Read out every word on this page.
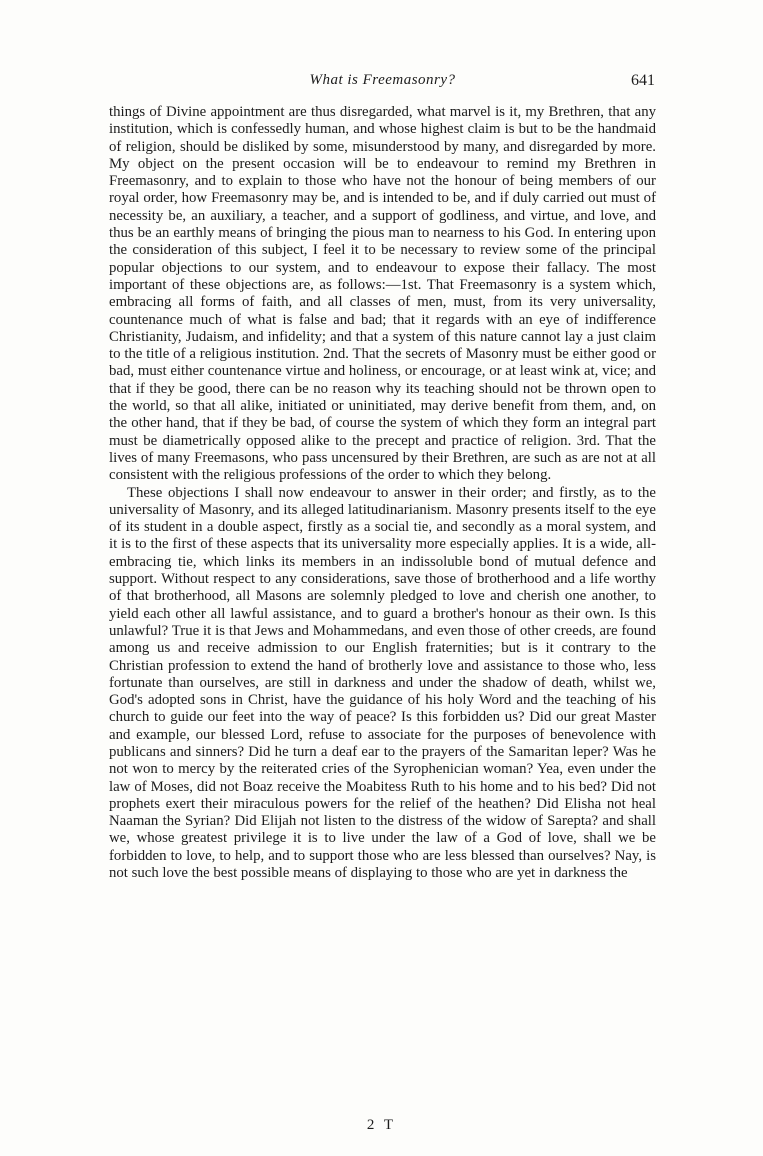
What is Freemasonry?	641

things of Divine appointment are thus disregarded, what marvel is it, my Brethren, that any institution, which is confessedly human, and whose highest claim is but to be the handmaid of religion, should be disliked by some, misunderstood by many, and disregarded by more. My object on the present occasion will be to endeavour to remind my Brethren in Freemasonry, and to explain to those who have not the honour of being members of our royal order, how Freemasonry may be, and is intended to be, and if duly carried out must of necessity be, an auxiliary, a teacher, and a support of godliness, and virtue, and love, and thus be an earthly means of bringing the pious man to nearness to his God. In entering upon the consideration of this subject, I feel it to be necessary to review some of the principal popular objections to our system, and to endeavour to expose their fallacy. The most important of these objections are, as follows:—1st. That Freemasonry is a system which, embracing all forms of faith, and all classes of men, must, from its very universality, countenance much of what is false and bad; that it regards with an eye of indifference Christianity, Judaism, and infidelity; and that a system of this nature cannot lay a just claim to the title of a religious institution. 2nd. That the secrets of Masonry must be either good or bad, must either countenance virtue and holiness, or encourage, or at least wink at, vice; and that if they be good, there can be no reason why its teaching should not be thrown open to the world, so that all alike, initiated or uninitiated, may derive benefit from them, and, on the other hand, that if they be bad, of course the system of which they form an integral part must be diametrically opposed alike to the precept and practice of religion. 3rd. That the lives of many Freemasons, who pass uncensured by their Brethren, are such as are not at all consistent with the religious professions of the order to which they belong.

These objections I shall now endeavour to answer in their order; and firstly, as to the universality of Masonry, and its alleged latitudinarianism. Masonry presents itself to the eye of its student in a double aspect, firstly as a social tie, and secondly as a moral system, and it is to the first of these aspects that its universality more especially applies. It is a wide, all-embracing tie, which links its members in an indissoluble bond of mutual defence and support. Without respect to any considerations, save those of brotherhood and a life worthy of that brotherhood, all Masons are solemnly pledged to love and cherish one another, to yield each other all lawful assistance, and to guard a brother's honour as their own. Is this unlawful? True it is that Jews and Mohammedans, and even those of other creeds, are found among us and receive admission to our English fraternities; but is it contrary to the Christian profession to extend the hand of brotherly love and assistance to those who, less fortunate than ourselves, are still in darkness and under the shadow of death, whilst we, God's adopted sons in Christ, have the guidance of his holy Word and the teaching of his church to guide our feet into the way of peace? Is this forbidden us? Did our great Master and example, our blessed Lord, refuse to associate for the purposes of benevolence with publicans and sinners? Did he turn a deaf ear to the prayers of the Samaritan leper? Was he not won to mercy by the reiterated cries of the Syrophenician woman? Yea, even under the law of Moses, did not Boaz receive the Moabitess Ruth to his home and to his bed? Did not prophets exert their miraculous powers for the relief of the heathen? Did Elisha not heal Naaman the Syrian? Did Elijah not listen to the distress of the widow of Sarepta? and shall we, whose greatest privilege it is to live under the law of a God of love, shall we be forbidden to love, to help, and to support those who are less blessed than ourselves? Nay, is not such love the best possible means of displaying to those who are yet in darkness the

2 T
